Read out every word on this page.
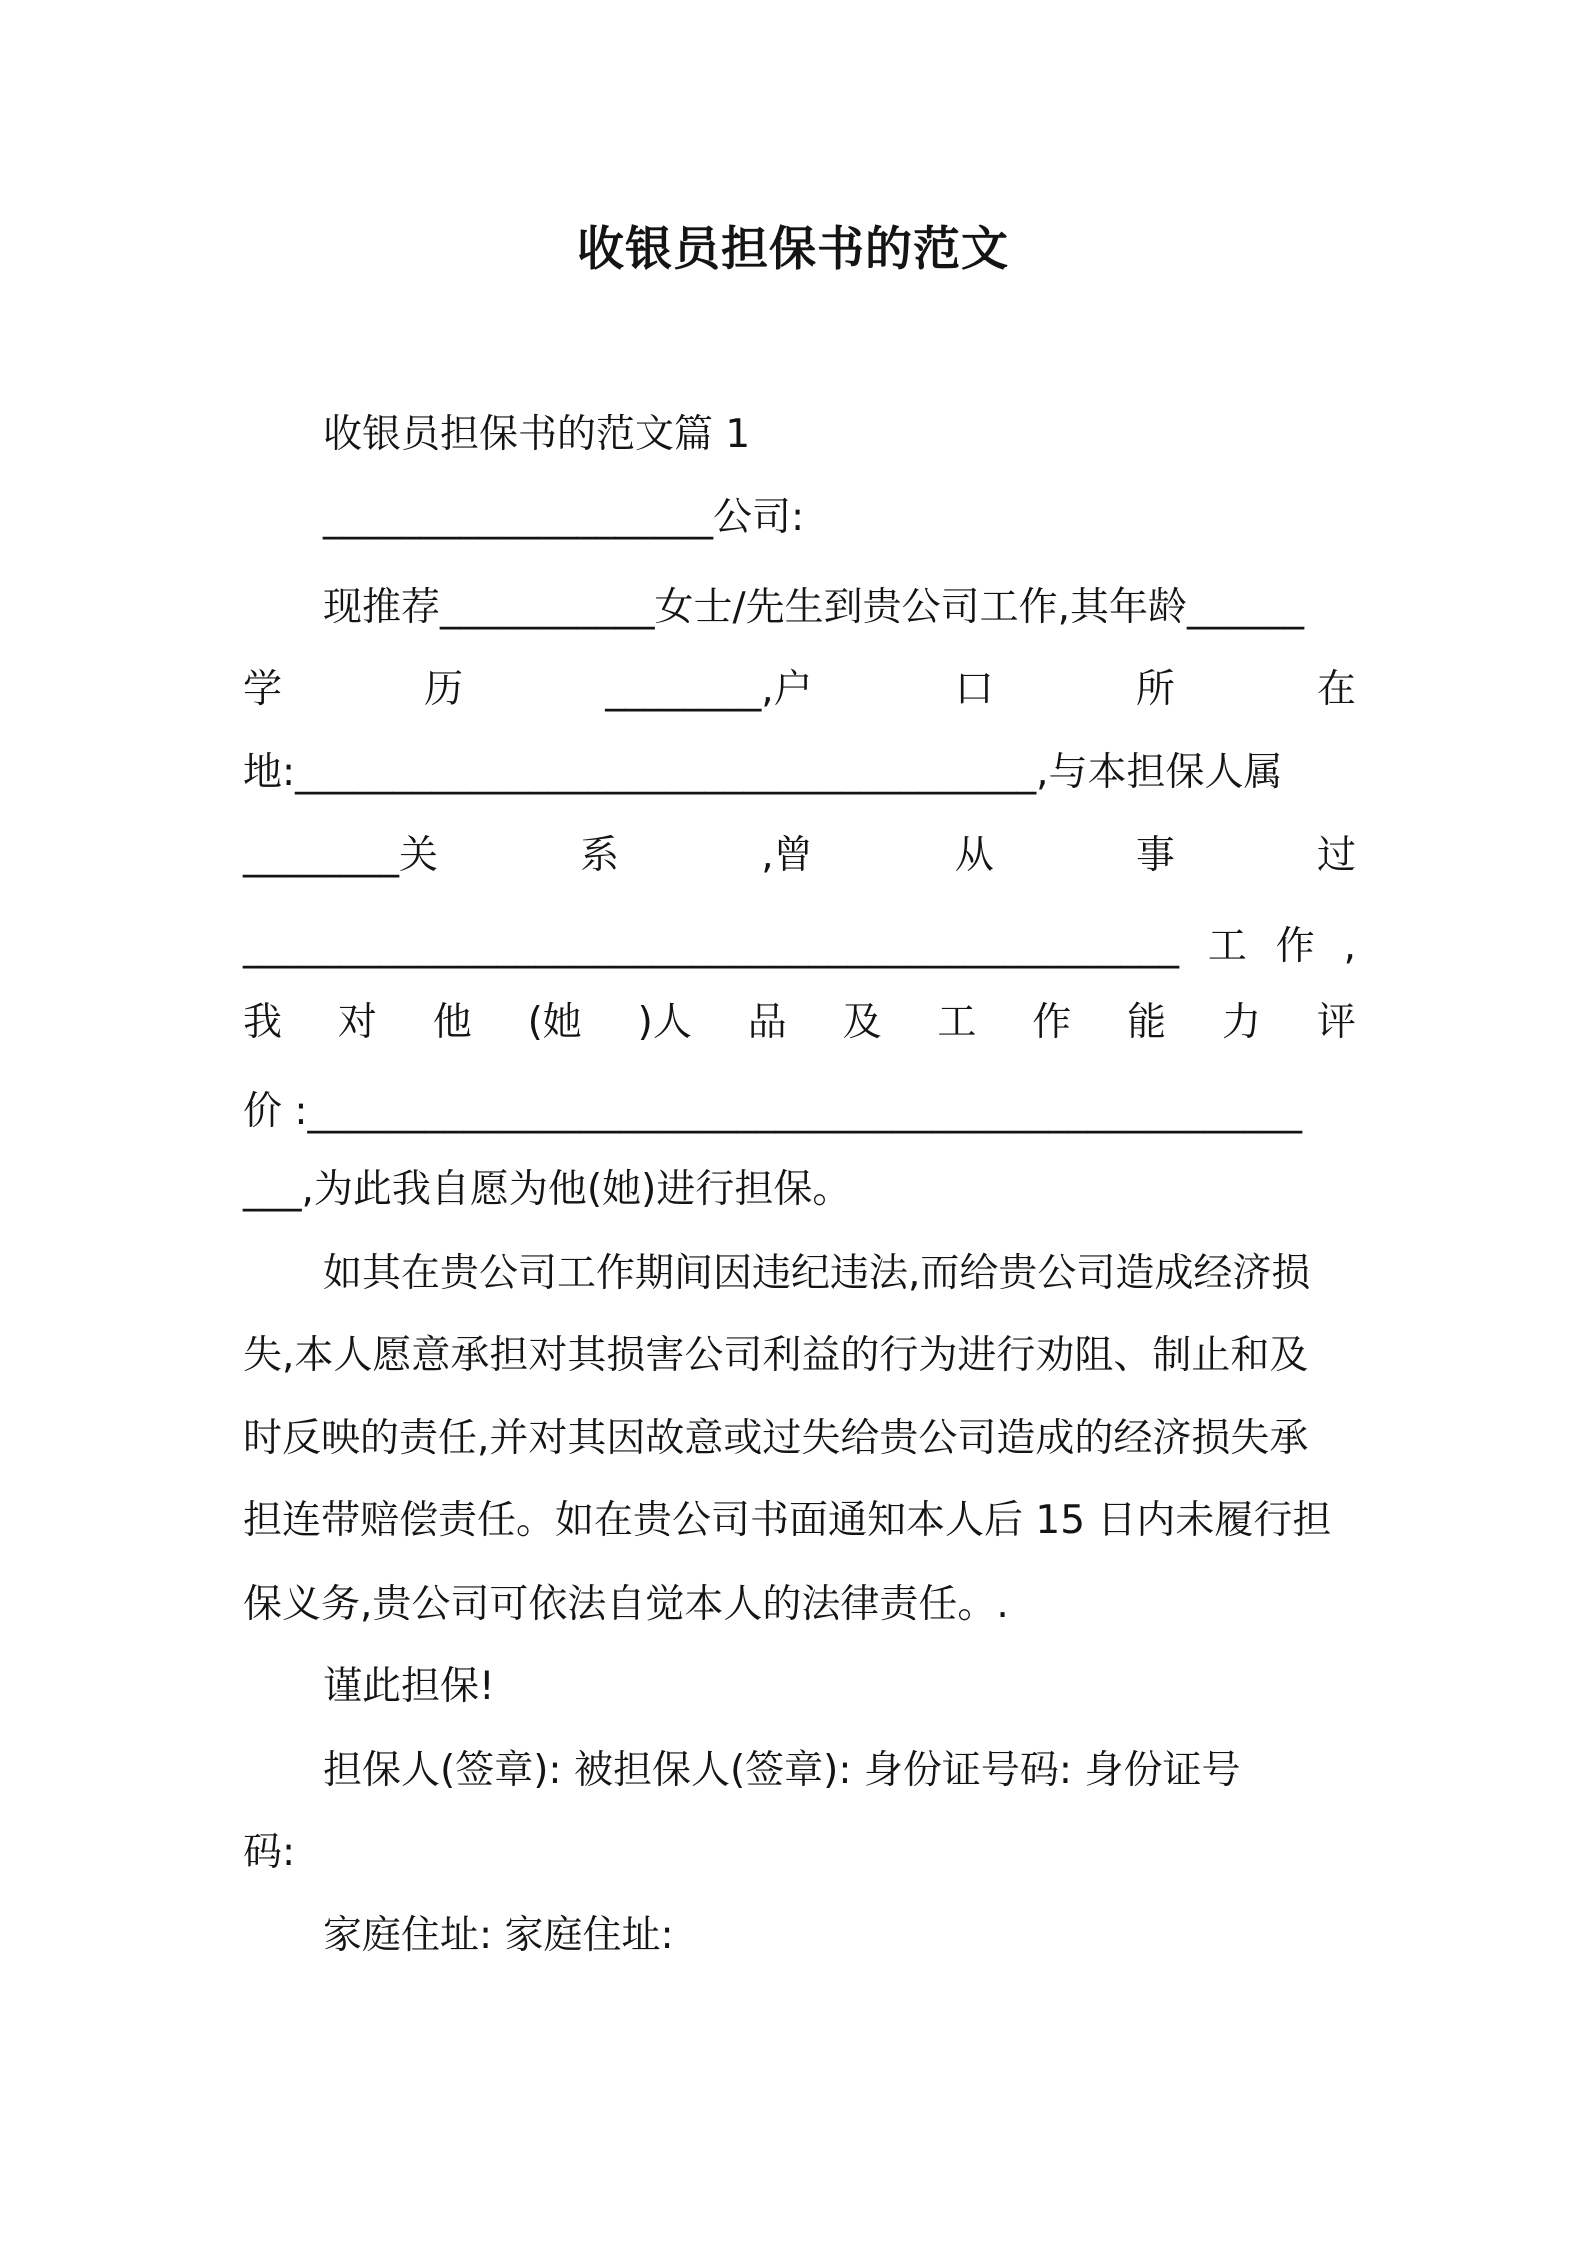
收银员担保书的范文
收银员担保书的范文篇 1
____________________公司:
现推荐___________女士/先生到贵公司工作,其年龄______
学	历	________,户	口	所	在
地:______________________________________,与本担保人属
________关	系	,曾	从	事	过
________________________________________________ 工 作 ,
我 对 他 (她 )人 品 及 工 作 能 力 评
价 :___________________________________________________
___,为此我自愿为他(她)进行担保。
如其在贵公司工作期间因违纪违法,而给贵公司造成经济损
失,本人愿意承担对其损害公司利益的行为进行劝阻、制止和及
时反映的责任,并对其因故意或过失给贵公司造成的经济损失承
担连带赔偿责任。如在贵公司书面通知本人后 15 日内未履行担
保义务,贵公司可依法自觉本人的法律责任。.
谨此担保!
担保人(签章): 被担保人(签章): 身份证号码: 身份证号
码:
家庭住址: 家庭住址:
